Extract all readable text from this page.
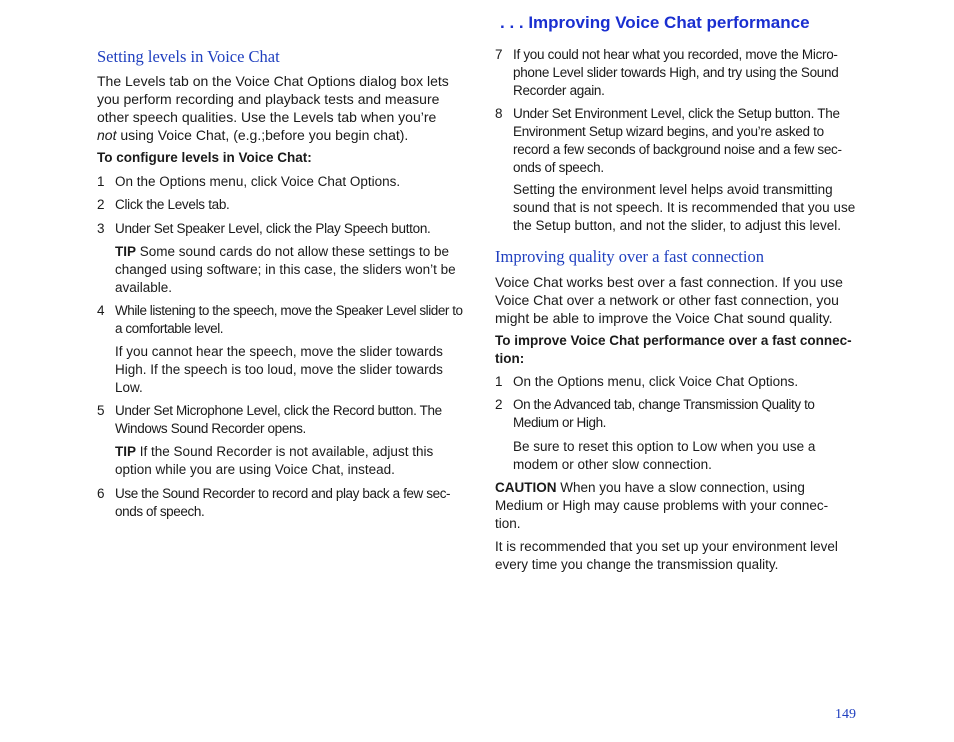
. . . Improving Voice Chat performance
Setting levels in Voice Chat
The Levels tab on the Voice Chat Options dialog box lets you perform recording and playback tests and measure other speech qualities. Use the Levels tab when you’re not using Voice Chat, (e.g.;before you begin chat).
To configure levels in Voice Chat:
1 On the Options menu, click Voice Chat Options.
2 Click the Levels tab.
3 Under Set Speaker Level, click the Play Speech button.
TIP Some sound cards do not allow these settings to be changed using software; in this case, the sliders won’t be available.
4 While listening to the speech, move the Speaker Level slider to a comfortable level.
If you cannot hear the speech, move the slider towards High. If the speech is too loud, move the slider towards Low.
5 Under Set Microphone Level, click the Record button. The Windows Sound Recorder opens.
TIP If the Sound Recorder is not available, adjust this option while you are using Voice Chat, instead.
6 Use the Sound Recorder to record and play back a few sec-onds of speech.
7 If you could not hear what you recorded, move the Micro-phone Level slider towards High, and try using the Sound Recorder again.
8 Under Set Environment Level, click the Setup button. The Environment Setup wizard begins, and you’re asked to record a few seconds of background noise and a few sec-onds of speech.
Setting the environment level helps avoid transmitting sound that is not speech. It is recommended that you use the Setup button, and not the slider, to adjust this level.
Improving quality over a fast connection
Voice Chat works best over a fast connection. If you use Voice Chat over a network or other fast connection, you might be able to improve the Voice Chat sound quality.
To improve Voice Chat performance over a fast connec-tion:
1 On the Options menu, click Voice Chat Options.
2 On the Advanced tab, change Transmission Quality to Medium or High.
Be sure to reset this option to Low when you use a modem or other slow connection.
CAUTION When you have a slow connection, using Medium or High may cause problems with your connec-tion.
It is recommended that you set up your environment level every time you change the transmission quality.
149
